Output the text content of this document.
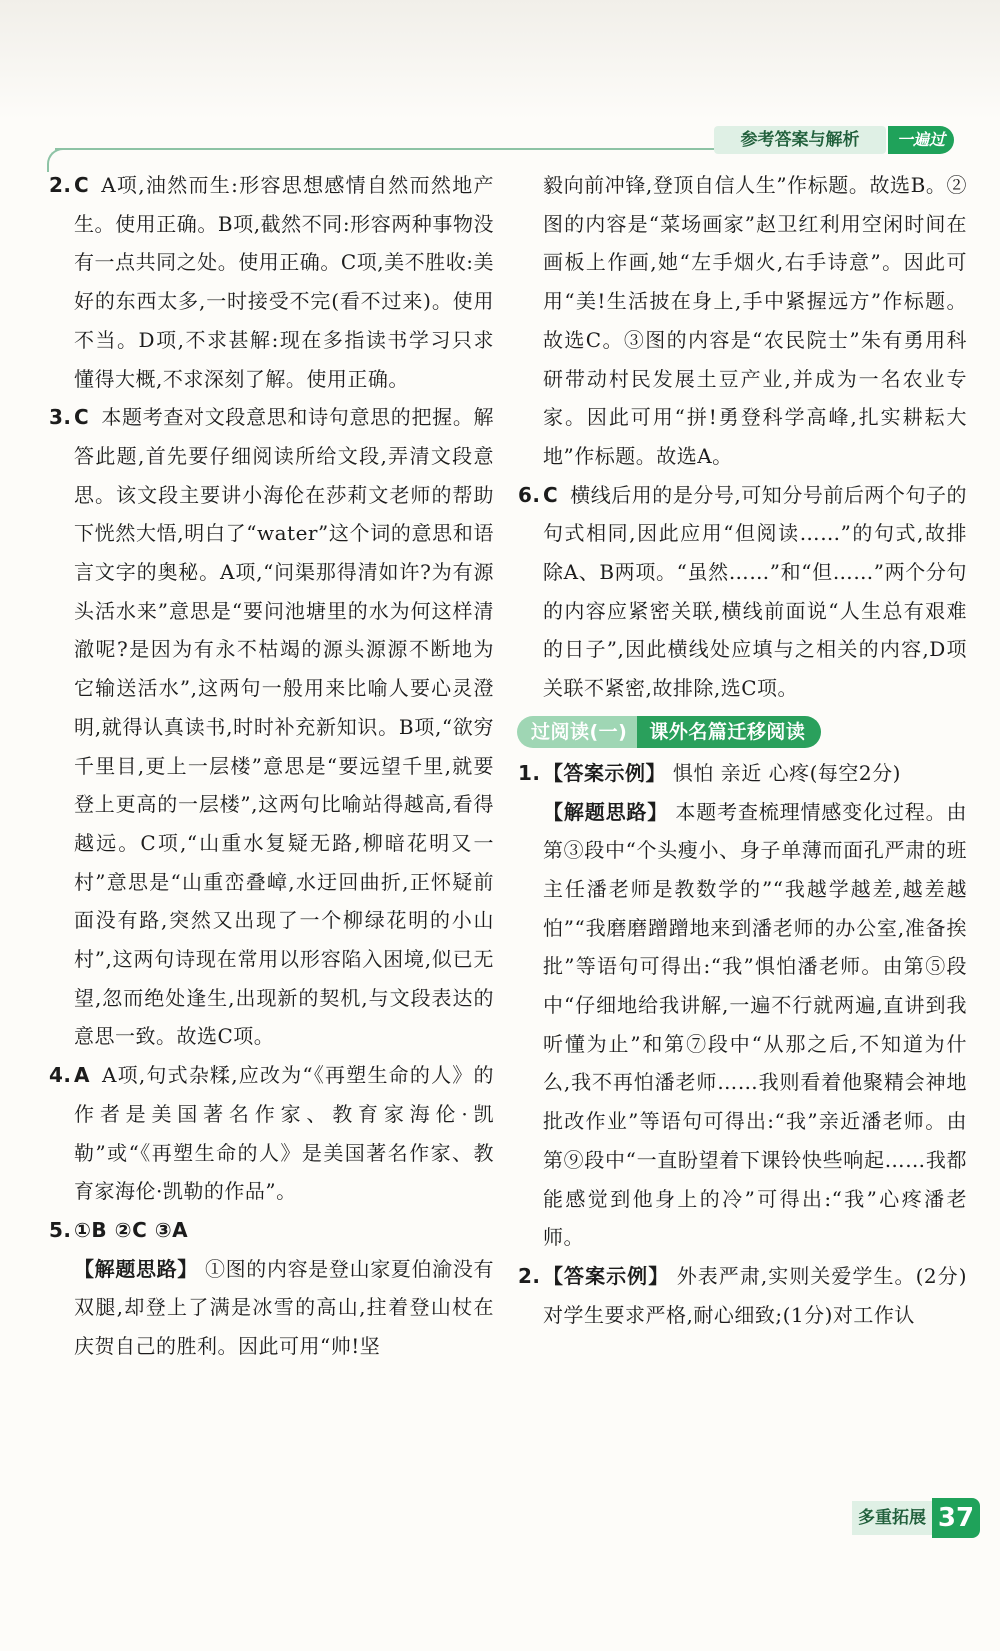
参考答案与解析	一遍过

2. C A项,油然而生:形容思想感情自然而然地产生。使用正确。B项,截然不同:形容两种事物没有一点共同之处。使用正确。C项,美不胜收:美好的东西太多,一时接受不完(看不过来)。使用不当。D项,不求甚解:现在多指读书学习只求懂得大概,不求深刻了解。使用正确。

3. C 本题考查对文段意思和诗句意思的把握。解答此题,首先要仔细阅读所给文段,弄清文段意思。该文段主要讲小海伦在莎莉文老师的帮助下恍然大悟,明白了“water”这个词的意思和语言文字的奥秘。A项,“问渠那得清如许?为有源头活水来”意思是“要问池塘里的水为何这样清澈呢?是因为有永不枯竭的源头源源不断地为它输送活水”,这两句一般用来比喻人要心灵澄明,就得认真读书,时时补充新知识。B项,“欲穷千里目,更上一层楼”意思是“要远望千里,就要登上更高的一层楼”,这两句比喻站得越高,看得越远。C项,“山重水复疑无路,柳暗花明又一村”意思是“山重峦叠嶂,水迂回曲折,正怀疑前面没有路,突然又出现了一个柳绿花明的小山村”,这两句诗现在常用以形容陷入困境,似已无望,忽而绝处逢生,出现新的契机,与文段表达的意思一致。故选C项。

4. A A项,句式杂糅,应改为“《再塑生命的人》的作者是美国著名作家、教育家海伦·凯勒”或“《再塑生命的人》是美国著名作家、教育家海伦·凯勒的作品”。

5. ①B ②C ③A
【解题思路】 ①图的内容是登山家夏伯渝没有双腿,却登上了满是冰雪的高山,拄着登山杖在庆贺自己的胜利。因此可用“帅!坚

毅向前冲锋,登顶自信人生”作标题。故选B。②图的内容是“菜场画家”赵卫红利用空闲时间在画板上作画,她“左手烟火,右手诗意”。因此可用“美!生活披在身上,手中紧握远方”作标题。故选C。③图的内容是“农民院士”朱有勇用科研带动村民发展土豆产业,并成为一名农业专家。因此可用“拼!勇登科学高峰,扎实耕耘大地”作标题。故选A。

6. C 横线后用的是分号,可知分号前后两个句子的句式相同,因此应用“但阅读……”的句式,故排除A、B两项。“虽然……”和“但……”两个分句的内容应紧密关联,横线前面说“人生总有艰难的日子”,因此横线处应填与之相关的内容,D项关联不紧密,故排除,选C项。

过阅读(一)	课外名篇迁移阅读

1. 【答案示例】 惧怕 亲近 心疼(每空2分)
【解题思路】 本题考查梳理情感变化过程。由第③段中“个头瘦小、身子单薄而面孔严肃的班主任潘老师是教数学的”“我越学越差,越差越怕”“我磨磨蹭蹭地来到潘老师的办公室,准备挨批”等语句可得出:“我”惧怕潘老师。由第⑤段中“仔细地给我讲解,一遍不行就两遍,直讲到我听懂为止”和第⑦段中“从那之后,不知道为什么,我不再怕潘老师……我则看着他聚精会神地批改作业”等语句可得出:“我”亲近潘老师。由第⑨段中“一直盼望着下课铃快些响起……我都能感觉到他身上的冷”可得出:“我”心疼潘老师。

2. 【答案示例】 外表严肃,实则关爱学生。(2分)对学生要求严格,耐心细致;(1分)对工作认

多重拓展 37
